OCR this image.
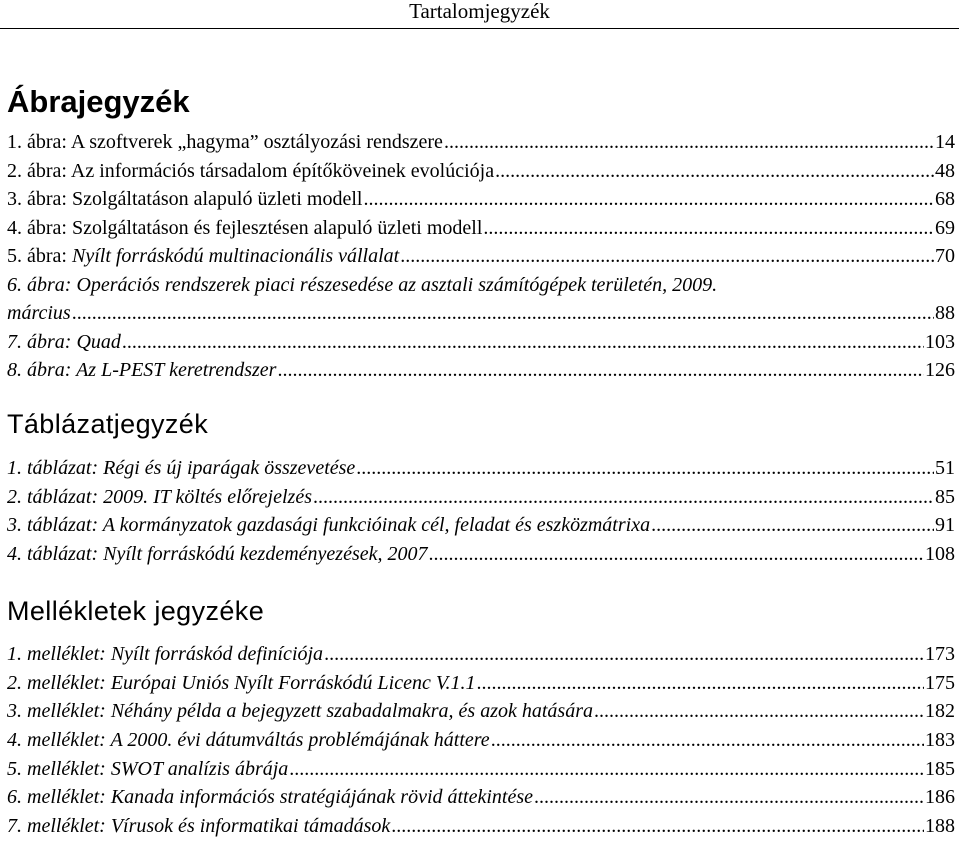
Tartalomjegyzék
Ábrajegyzék
1. ábra: A szoftverek „hagyma” osztályozási rendszere .....	14
2. ábra: Az információs társadalom építőköveinek evolúciója .....	48
3. ábra: Szolgáltatáson alapuló üzleti modell .....	68
4. ábra: Szolgáltatáson és fejlesztésen alapuló üzleti modell .....	69
5. ábra: Nyílt forráskódú multinacionális vállalat .....	70
6. ábra: Operációs rendszerek piaci részesedése az asztali számítógépek területén, 2009.
március .....	88
7. ábra: Quad .....	103
8. ábra: Az L-PEST keretrendszer .....	126
Táblázatjegyzék
1. táblázat: Régi és új iparágak összevetése .....	51
2. táblázat: 2009. IT költés előrejelzés .....	85
3. táblázat: A kormányzatok gazdasági funkcióinak cél, feladat és eszközmátrixa .....	91
4. táblázat: Nyílt forráskódú kezdeményezések, 2007 .....	108
Mellékletek jegyzéke
1. melléklet: Nyílt forráskód definíciója .....	173
2. melléklet: Európai Uniós Nyílt Forráskódú Licenc V.1.1 .....	175
3. melléklet: Néhány példa a bejegyzett szabadalmakra, és azok hatására .....	182
4. melléklet: A 2000. évi dátumváltás problémájának háttere .....	183
5. melléklet: SWOT analízis ábrája .....	185
6. melléklet: Kanada információs stratégiájának rövid áttekintése .....	186
7. melléklet: Vírusok és informatikai támadások .....	188
